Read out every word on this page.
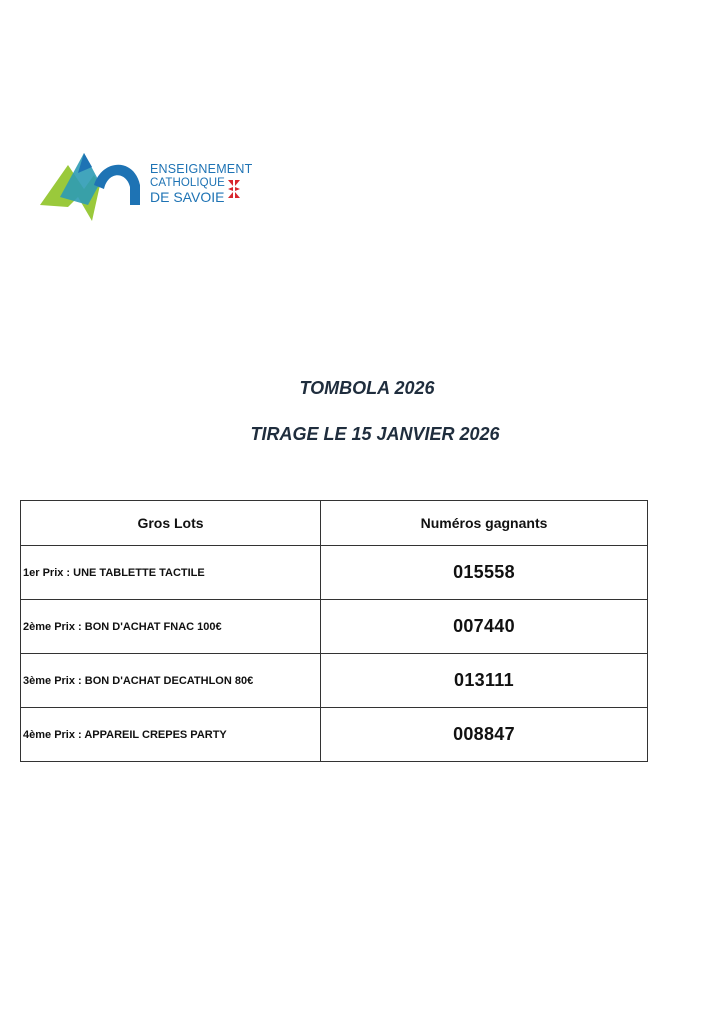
ENSEIGNEMENT
CATHOLIQUE
DE SAVOIE
TOMBOLA 2026
TIRAGE LE 15 JANVIER 2026
Gros Lots	Numéros gagnants
1er Prix : UNE TABLETTE TACTILE	015558
2ème Prix : BON D'ACHAT FNAC 100€	007440
3ème Prix : BON D'ACHAT DECATHLON 80€	013111
4ème Prix : APPAREIL CREPES PARTY	008847
